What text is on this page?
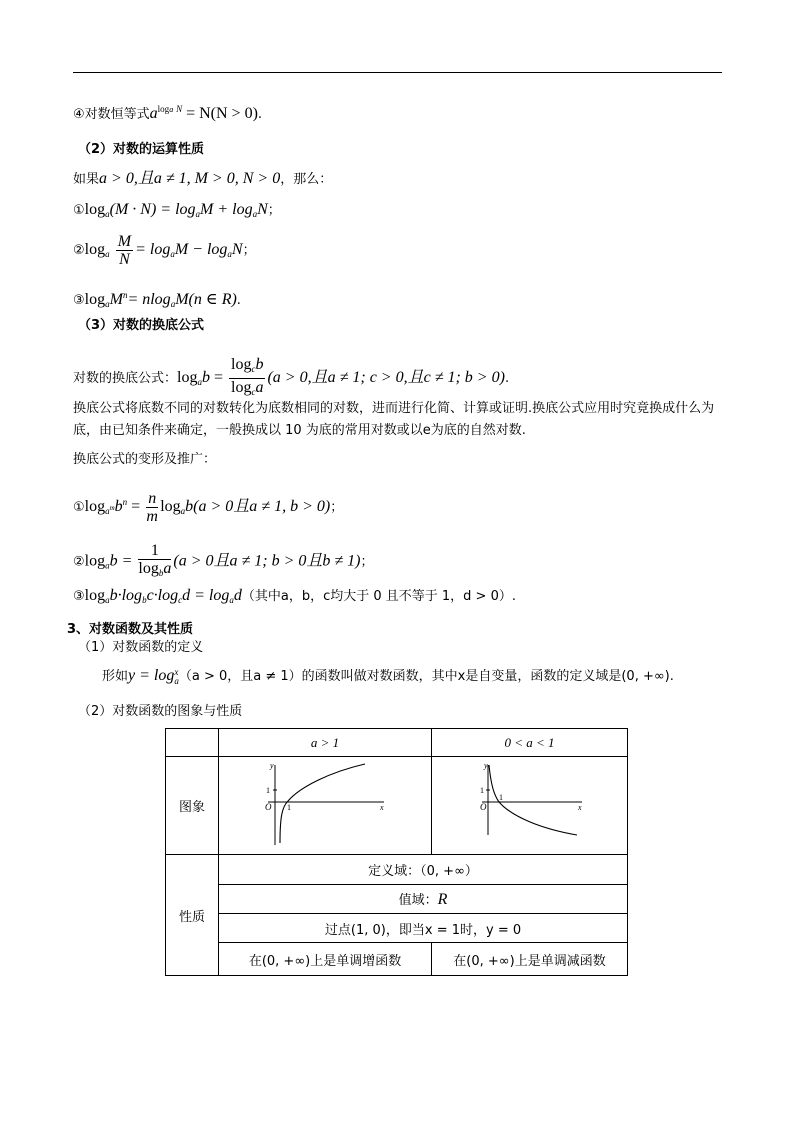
④对数恒等式$a^{loga N} = N(N > 0)$.
（2）对数的运算性质
如果a > 0,且a ≠ 1, M > 0, N > 0，那么：
$①\log_a(M \cdot N) = \log_aM + \log_aN$；
$②\log_a \frac{M}{N} = \log_aM - \log_aN$；
$③\log_aM^n= nlog_aM(n$ ∈ R).
（3）对数的换底公式
对数的换底公式：$\log_ab = \frac{\log_cb}{\log_ca} (a > 0$,且a ≠ 1; c > 0,且c ≠ 1; b > 0).
换底公式将底数不同的对数转化为底数相同的对数，进而进行化简、计算或证明.换底公式应用时究竟换成什么为底，由已知条件来确定，一般换成以 10 为底的常用对数或以e为底的自然对数.
换底公式的变形及推广：
$①\log_{a^m}b^n = \frac{n}{m} \log_ab(a > 0$且a ≠ 1, b > 0)；
$②\log_ab = \frac{1}{\log_ba} (a > 0$且a ≠ 1; b > 0且b ≠ 1)；
$③\log_ab\cdot\log_bc\cdot\log_cd = \log_ad$（其中a，b，c均大于 0 且不等于 1，d > 0）.
3、对数函数及其性质
（1）对数函数的定义
形如y = log x
a （a > 0，且a ≠ 1）的函数叫做对数函数，其中x是自变量，函数的定义域是(0, +∞).
（2）对数函数的图象与性质
	a > 1	0 < a < 1
图象	y
x
O
1
1	y
x
O
1
1

性质	定义域：（0, +∞）	
	值域：R	
	过点(1, 0)，即当x = 1时，y = 0	
	在(0, +∞)上是单调增函数	在(0, +∞)上是单调减函数
